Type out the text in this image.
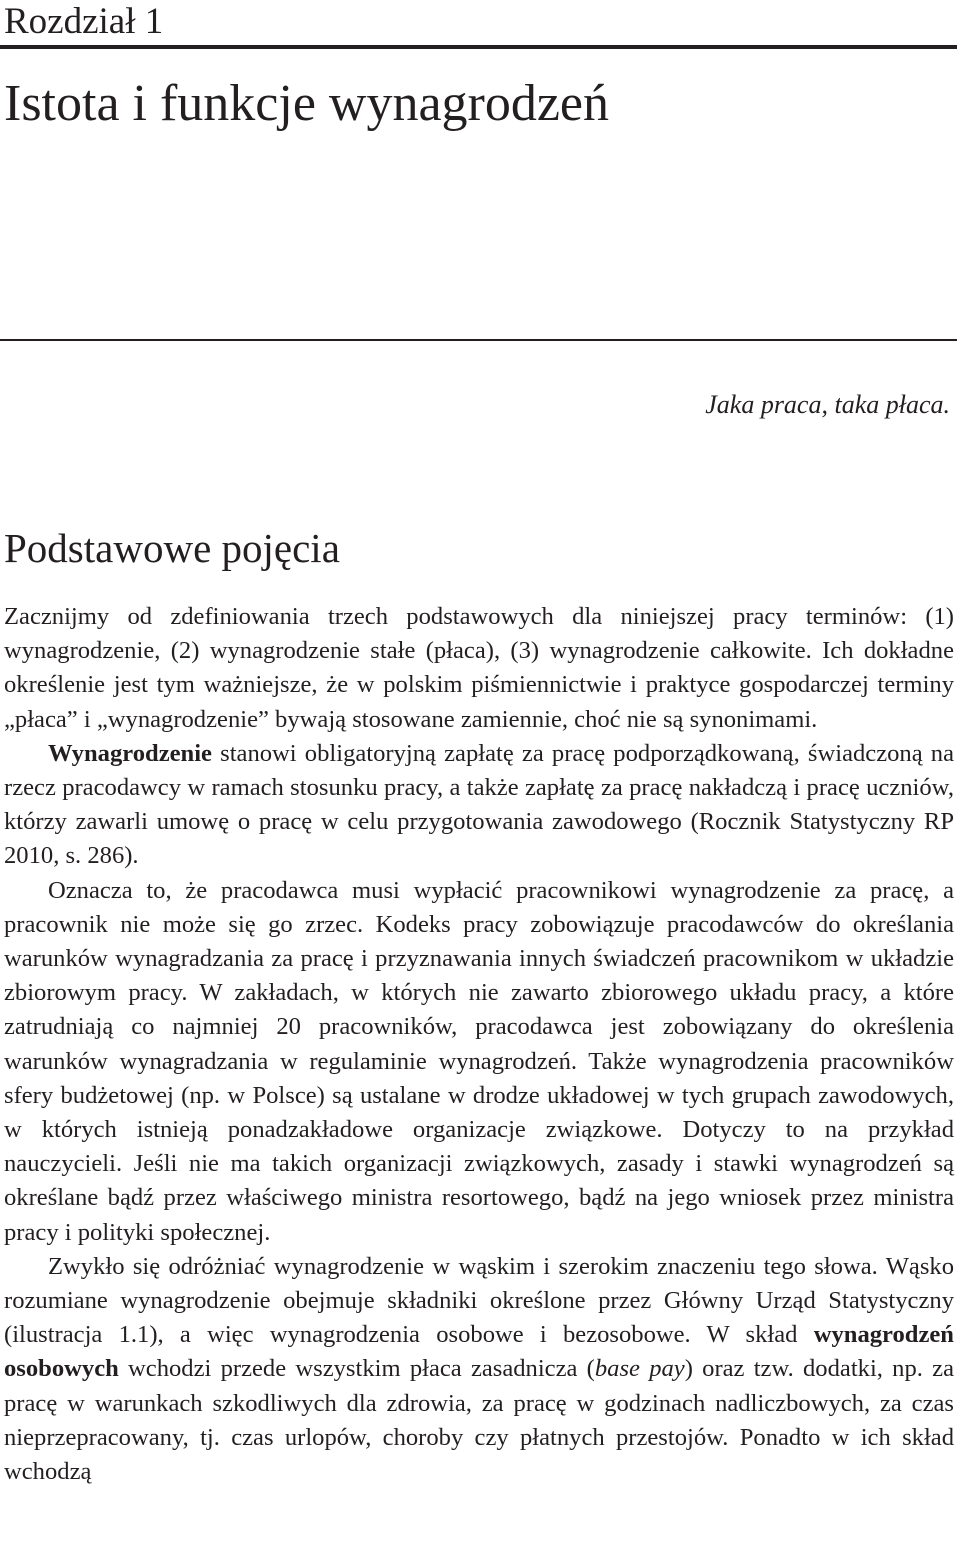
Rozdział 1
Istota i funkcje wynagrodzeń

Jaka praca, taka płaca.

Podstawowe pojęcia

Zacznijmy od zdefiniowania trzech podstawowych dla niniejszej pracy terminów: (1) wynagrodzenie, (2) wynagrodzenie stałe (płaca), (3) wynagrodzenie całkowite. Ich dokładne określenie jest tym ważniejsze, że w polskim piśmiennictwie i praktyce gospodarczej terminy „płaca” i „wynagrodzenie” bywają stosowane zamiennie, choć nie są synonimami.

Wynagrodzenie stanowi obligatoryjną zapłatę za pracę podporządkowaną, świadczoną na rzecz pracodawcy w ramach stosunku pracy, a także zapłatę za pracę nakładczą i pracę uczniów, którzy zawarli umowę o pracę w celu przygotowania zawodowego (Rocznik Statystyczny RP 2010, s. 286).

Oznacza to, że pracodawca musi wypłacić pracownikowi wynagrodzenie za pracę, a pracownik nie może się go zrzec. Kodeks pracy zobowiązuje pracodawców do określania warunków wynagradzania za pracę i przyznawania innych świadczeń pracownikom w układzie zbiorowym pracy. W zakładach, w których nie zawarto zbiorowego układu pracy, a które zatrudniają co najmniej 20 pracowników, pracodawca jest zobowiązany do określenia warunków wynagradzania w regulaminie wynagrodzeń. Także wynagrodzenia pracowników sfery budżetowej (np. w Polsce) są ustalane w drodze układowej w tych grupach zawodowych, w których istnieją ponadzakładowe organizacje związkowe. Dotyczy to na przykład nauczycieli. Jeśli nie ma takich organizacji związkowych, zasady i stawki wynagrodzeń są określane bądź przez właściwego ministra resortowego, bądź na jego wniosek przez ministra pracy i polityki społecznej.

Zwykło się odróżniać wynagrodzenie w wąskim i szerokim znaczeniu tego słowa. Wąsko rozumiane wynagrodzenie obejmuje składniki określone przez Główny Urząd Statystyczny (ilustracja 1.1), a więc wynagrodzenia osobowe i bezosobowe. W skład wynagrodzeń osobowych wchodzi przede wszystkim płaca zasadnicza (base pay) oraz tzw. dodatki, np. za pracę w warunkach szkodliwych dla zdrowia, za pracę w godzinach nadliczbowych, za czas nieprzepracowany, tj. czas urlopów, choroby czy płatnych przestojów. Ponadto w ich skład wchodzą
